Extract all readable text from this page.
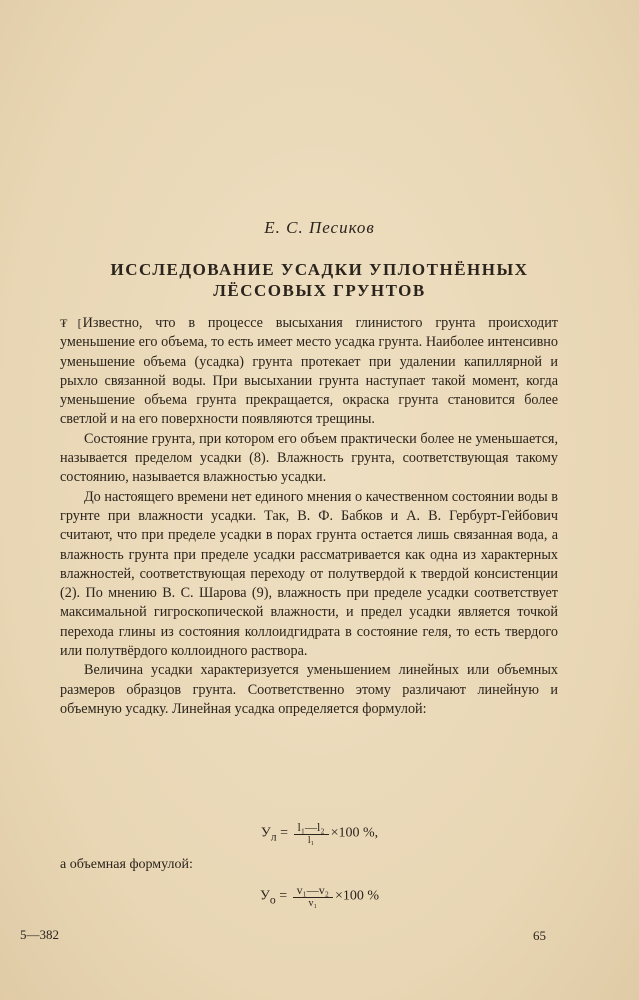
Е. С. Песиков
ИССЛЕДОВАНИЕ УСАДКИ УПЛОТНЁННЫХ
ЛЁССОВЫХ ГРУНТОВ

₮ [ Известно, что в процессе высыхания глинистого грунта происходит уменьшение его объема, то есть имеет место усадка грунта. Наиболее интенсивно уменьшение объема (усадка) грунта протекает при удалении капиллярной и рыхло связанной воды. При высыхании грунта наступает такой момент, когда уменьшение объема грунта прекращается, окраска грунта становится более светлой и на его поверхности появляются трещины.

Состояние грунта, при котором его объем практически более не уменьшается, называется пределом усадки (8). Влажность грунта, соответствующая такому состоянию, называется влажностью усадки.

До настоящего времени нет единого мнения о качественном состоянии воды в грунте при влажности усадки. Так, В. Ф. Бабков и А. В. Гербурт-Гейбович считают, что при пределе усадки в порах грунта остается лишь связанная вода, а влажность грунта при пределе усадки рассматривается как одна из характерных влажностей, соответствующая переходу от полутвердой к твердой консистенции (2). По мнению В. С. Шарова (9), влажность при пределе усадки соответствует максимальной гигроскопической влажности, и предел усадки является точкой перехода глины из состояния коллоидгидрата в состояние геля, то есть твердого или полутвёрдого коллоидного раствора.

Величина усадки характеризуется уменьшением линейных или объемных размеров образцов грунта. Соответственно этому различают линейную и объемную усадку. Линейная усадка определяется формулой:

$У_л = \frac{\text{l₁—l₂}}{\text{l₁}} \times 100$ %,
а объемная формулой:
$У_о = \frac{\text{v₁—v₂}}{\text{v₁}} \times 100$ %
5—382	65
